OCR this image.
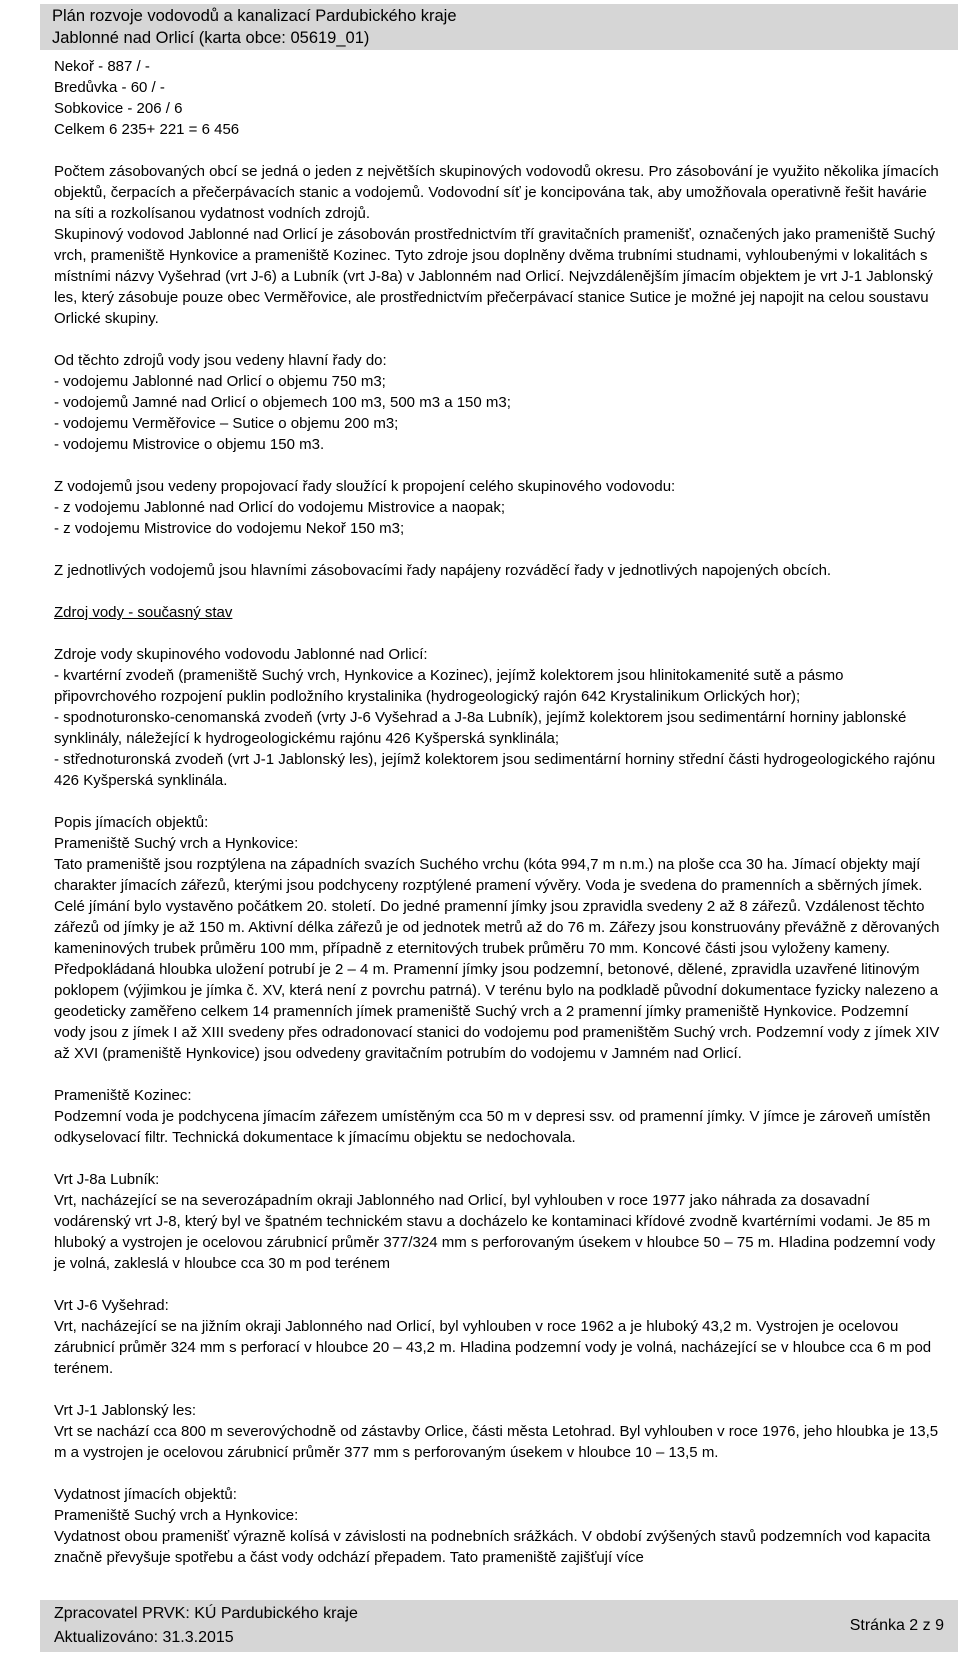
Plán rozvoje vodovodů a kanalizací Pardubického kraje
Jablonné nad Orlicí (karta obce: 05619_01)

Nekoř - 887 / -

Bredůvka - 60 / -

Sobkovice - 206 / 6

Celkem 6 235+ 221 = 6 456

Počtem zásobovaných obcí se jedná o jeden z největších skupinových vodovodů okresu. Pro zásobování je využito několika jímacích objektů, čerpacích a přečerpávacích stanic a vodojemů. Vodovodní síť je koncipována tak, aby umožňovala operativně řešit havárie na síti a rozkolísanou vydatnost vodních zdrojů.

Skupinový vodovod Jablonné nad Orlicí je zásobován prostřednictvím tří gravitačních pramenišť, označených jako prameniště Suchý vrch, prameniště Hynkovice a prameniště Kozinec. Tyto zdroje jsou doplněny dvěma trubními studnami, vyhloubenými v lokalitách s místními názvy Vyšehrad (vrt J-6) a Lubník (vrt J-8a) v Jablonném nad Orlicí. Nejvzdálenějším jímacím objektem je vrt J-1 Jablonský les, který zásobuje pouze obec Verměřovice, ale prostřednictvím přečerpávací stanice Sutice je možné jej napojit na celou soustavu Orlické skupiny.

Od těchto zdrojů vody jsou vedeny hlavní řady do:

- vodojemu Jablonné nad Orlicí o objemu 750 m3;

- vodojemů Jamné nad Orlicí o objemech 100 m3, 500 m3 a 150 m3;

- vodojemu Verměřovice – Sutice o objemu 200 m3;

- vodojemu Mistrovice o objemu 150 m3.

Z vodojemů jsou vedeny propojovací řady sloužící k propojení celého skupinového vodovodu:

- z vodojemu Jablonné nad Orlicí do vodojemu Mistrovice a naopak;

- z vodojemu Mistrovice do vodojemu Nekoř 150 m3;

Z jednotlivých vodojemů jsou hlavními zásobovacími řady napájeny rozváděcí řady v jednotlivých napojených obcích.

Zdroj vody - současný stav

Zdroje vody skupinového vodovodu Jablonné nad Orlicí:

- kvartérní zvodeň (prameniště Suchý vrch, Hynkovice a Kozinec), jejímž kolektorem jsou hlinitokamenité sutě a pásmo připovrchového rozpojení puklin podložního krystalinika (hydrogeologický rajón 642 Krystalinikum Orlických hor);

- spodnoturonsko-cenomanská zvodeň (vrty J-6 Vyšehrad a J-8a Lubník), jejímž kolektorem jsou sedimentární horniny jablonské synklinály, náležející k hydrogeologickému rajónu 426 Kyšperská synklinála;

- střednoturonská zvodeň (vrt J-1 Jablonský les), jejímž kolektorem jsou sedimentární horniny střední části hydrogeologického rajónu 426 Kyšperská synklinála.

Popis jímacích objektů:

Prameniště Suchý vrch a Hynkovice:

Tato prameniště jsou rozptýlena na západních svazích Suchého vrchu (kóta 994,7 m n.m.) na ploše cca 30 ha. Jímací objekty mají charakter jímacích zářezů, kterými jsou podchyceny rozptýlené pramení vývěry. Voda je svedena do pramenních a sběrných jímek. Celé jímání bylo vystavěno počátkem 20. století. Do jedné pramenní jímky jsou zpravidla svedeny 2 až 8 zářezů. Vzdálenost těchto zářezů od jímky je až 150 m. Aktivní délka zářezů je od jednotek metrů až do 76 m. Zářezy jsou konstruovány převážně z děrovaných kameninových trubek průměru 100 mm, případně z eternitových trubek průměru 70 mm. Koncové části jsou vyloženy kameny. Předpokládaná hloubka uložení potrubí je 2 – 4 m. Pramenní jímky jsou podzemní, betonové, dělené, zpravidla uzavřené litinovým poklopem (výjimkou je jímka č. XV, která není z povrchu patrná). V terénu bylo na podkladě původní dokumentace fyzicky nalezeno a geodeticky zaměřeno celkem 14 pramenních jímek prameniště Suchý vrch a 2 pramenní jímky prameniště Hynkovice. Podzemní vody jsou z jímek I až XIII svedeny přes odradonovací stanici do vodojemu pod prameništěm Suchý vrch. Podzemní vody z jímek XIV až XVI (prameniště Hynkovice) jsou odvedeny gravitačním potrubím do vodojemu v Jamném nad Orlicí.

Prameniště Kozinec:

Podzemní voda je podchycena jímacím zářezem umístěným cca 50 m v depresi ssv. od pramenní jímky. V jímce je zároveň umístěn odkyselovací filtr. Technická dokumentace k jímacímu objektu se nedochovala.

Vrt J-8a Lubník:

Vrt, nacházející se na severozápadním okraji Jablonného nad Orlicí, byl vyhlouben v roce 1977 jako náhrada za dosavadní vodárenský vrt J-8, který byl ve špatném technickém stavu a docházelo ke kontaminaci křídové zvodně kvartérními vodami. Je 85 m hluboký a vystrojen je ocelovou zárubnicí průměr 377/324 mm s perforovaným úsekem v hloubce 50 – 75 m. Hladina podzemní vody je volná, zakleslá v hloubce cca 30 m pod terénem

Vrt J-6 Vyšehrad:

Vrt, nacházející se na jižním okraji Jablonného nad Orlicí, byl vyhlouben v roce 1962 a je hluboký 43,2 m. Vystrojen je ocelovou zárubnicí průměr 324 mm s perforací v hloubce 20 – 43,2 m. Hladina podzemní vody je volná, nacházející se v hloubce cca 6 m pod terénem.

Vrt J-1 Jablonský les:

Vrt se nachází cca 800 m severovýchodně od zástavby Orlice, části města Letohrad. Byl vyhlouben v roce 1976, jeho hloubka je 13,5 m a vystrojen je ocelovou zárubnicí průměr 377 mm s perforovaným úsekem v hloubce 10 – 13,5 m.

Vydatnost jímacích objektů:

Prameniště Suchý vrch a Hynkovice:

Vydatnost obou pramenišť výrazně kolísá v závislosti na podnebních srážkách. V období zvýšených stavů podzemních vod kapacita značně převyšuje spotřebu a část vody odchází přepadem. Tato prameniště zajišťují více

Zpracovatel PRVK: KÚ Pardubického kraje
Aktualizováno: 31.3.2015
Stránka 2 z 9
